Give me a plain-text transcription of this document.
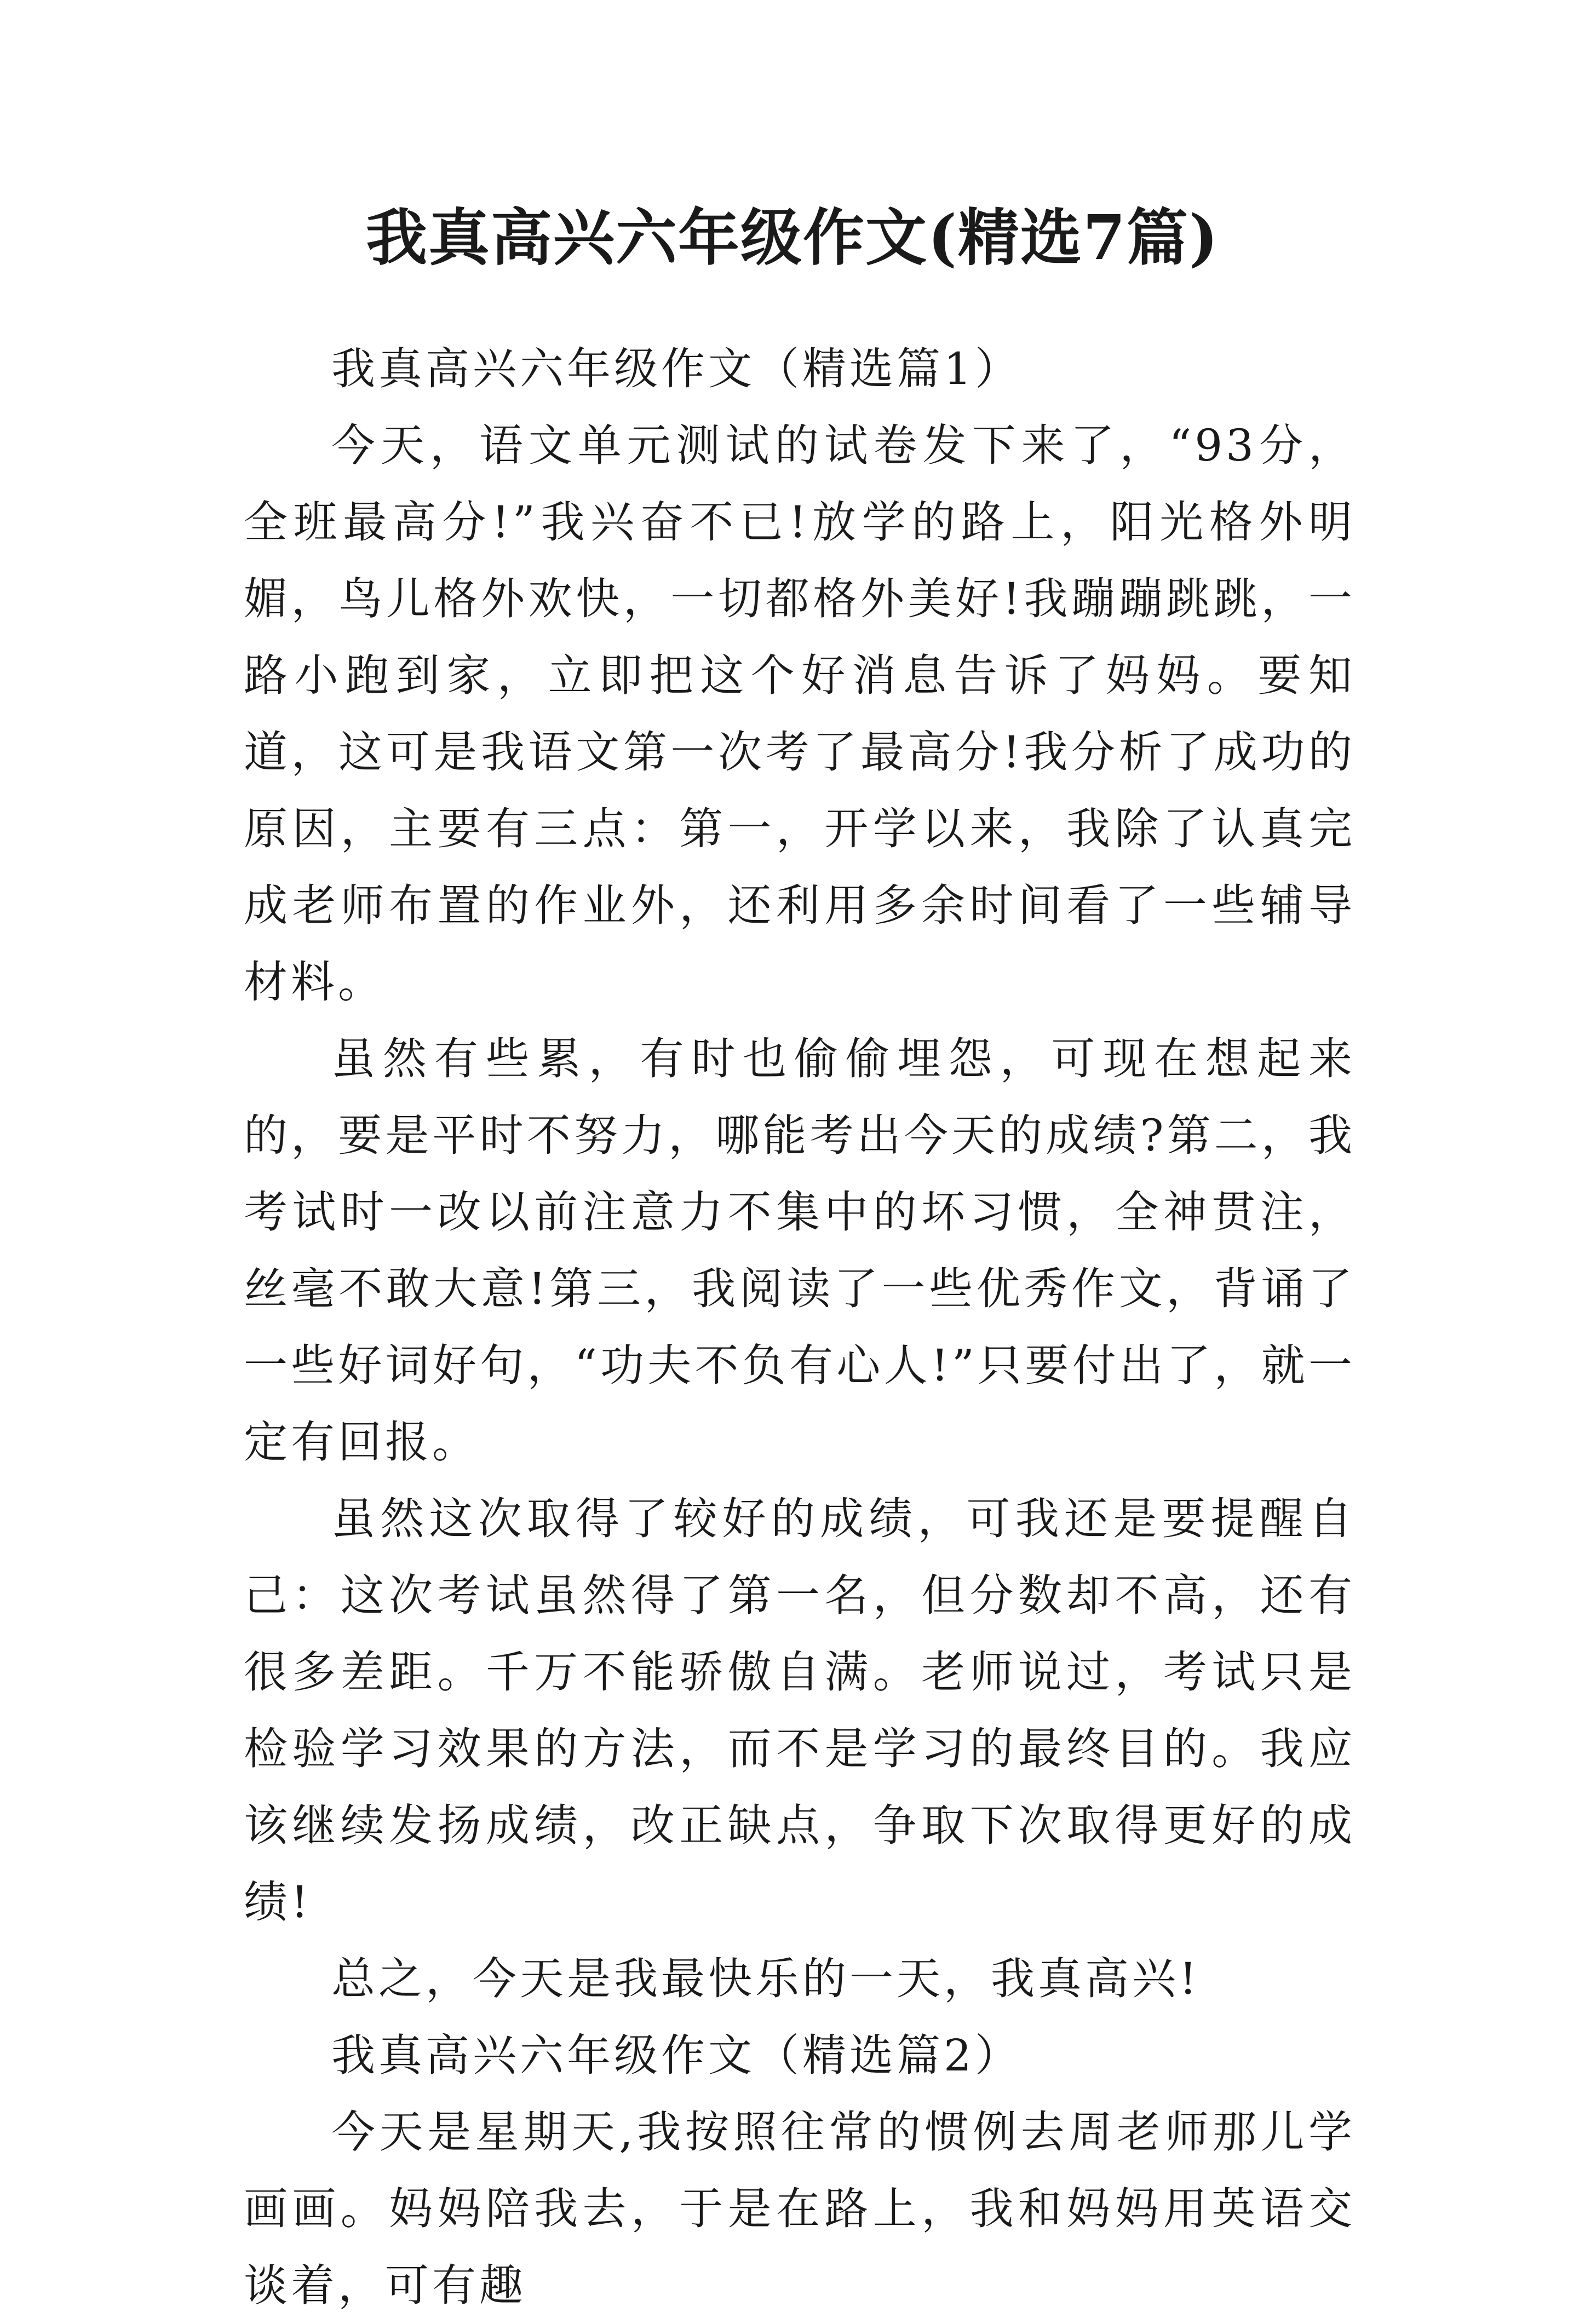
我真高兴六年级作文(精选7篇)

我真高兴六年级作文（精选篇1）

今天，语文单元测试的试卷发下来了，“93分，全班最高分!”我兴奋不已!放学的路上，阳光格外明媚，鸟儿格外欢快，一切都格外美好!我蹦蹦跳跳，一路小跑到家，立即把这个好消息告诉了妈妈。要知道，这可是我语文第一次考了最高分!我分析了成功的原因，主要有三点：第一，开学以来，我除了认真完成老师布置的作业外，还利用多余时间看了一些辅导材料。

虽然有些累，有时也偷偷埋怨，可现在想起来的，要是平时不努力，哪能考出今天的成绩?第二，我考试时一改以前注意力不集中的坏习惯，全神贯注，丝毫不敢大意!第三，我阅读了一些优秀作文，背诵了一些好词好句，“功夫不负有心人!”只要付出了，就一定有回报。

虽然这次取得了较好的成绩，可我还是要提醒自己：这次考试虽然得了第一名，但分数却不高，还有很多差距。千万不能骄傲自满。老师说过，考试只是检验学习效果的方法，而不是学习的最终目的。我应该继续发扬成绩，改正缺点，争取下次取得更好的成绩!

总之，今天是我最快乐的一天，我真高兴!

我真高兴六年级作文（精选篇2）

今天是星期天,我按照往常的惯例去周老师那儿学画画。妈妈陪我去，于是在路上，我和妈妈用英语交谈着，可有趣
